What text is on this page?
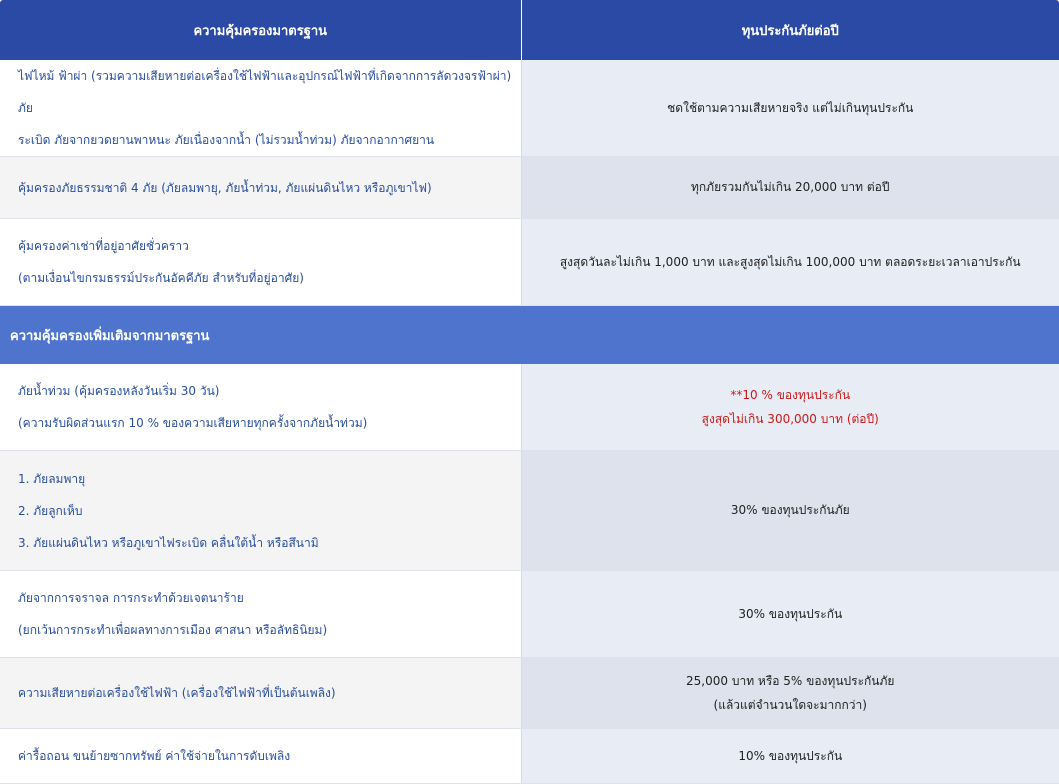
ความคุ้มครองมาตรฐาน	ทุนประกันภัยต่อปี

ไฟไหม้ ฟ้าผ่า (รวมความเสียหายต่อเครื่องใช้ไฟฟ้าและอุปกรณ์ไฟฟ้าที่เกิดจากการลัดวงจรฟ้าผ่า) ภัย
ระเบิด ภัยจากยวดยานพาหนะ ภัยเนื่องจากน้ำ (ไม่รวมน้ำท่วม) ภัยจากอากาศยาน	ชดใช้ตามความเสียหายจริง แต่ไม่เกินทุนประกัน

คุ้มครองภัยธรรมชาติ 4 ภัย (ภัยลมพายุ, ภัยน้ำท่วม, ภัยแผ่นดินไหว หรือภูเขาไฟ)	ทุกภัยรวมกันไม่เกิน 20,000 บาท ต่อปี

คุ้มครองค่าเช่าที่อยู่อาศัยชั่วคราว
(ตามเงื่อนไขกรมธรรม์ประกันอัคคีภัย สำหรับที่อยู่อาศัย)	สูงสุดวันละไม่เกิน 1,000 บาท และสูงสุดไม่เกิน 100,000 บาท ตลอดระยะเวลาเอาประกัน

ความคุ้มครองเพิ่มเติมจากมาตรฐาน	

ภัยน้ำท่วม (คุ้มครองหลังวันเริ่ม 30 วัน)
(ความรับผิดส่วนแรก 10 % ของความเสียหายทุกครั้งจากภัยน้ำท่วม)	**10 % ของทุนประกัน
สูงสุดไม่เกิน 300,000 บาท (ต่อปี)

1. ภัยลมพายุ
2. ภัยลูกเห็บ
3. ภัยแผ่นดินไหว หรือภูเขาไฟระเบิด คลื่นใต้น้ำ หรือสึนามิ	30% ของทุนประกันภัย

ภัยจากการจราจล การกระทำด้วยเจตนาร้าย
(ยกเว้นการกระทำเพื่อผลทางการเมือง ศาสนา หรือลัทธินิยม)	30% ของทุนประกัน

ความเสียหายต่อเครื่องใช้ไฟฟ้า (เครื่องใช้ไฟฟ้าที่เป็นต้นเพลิง)	25,000 บาท หรือ 5% ของทุนประกันภัย
(แล้วแต่จำนวนใดจะมากกว่า)

ค่ารื้อถอน ขนย้ายซากทรัพย์ ค่าใช้จ่ายในการดับเพลิง	10% ของทุนประกัน
